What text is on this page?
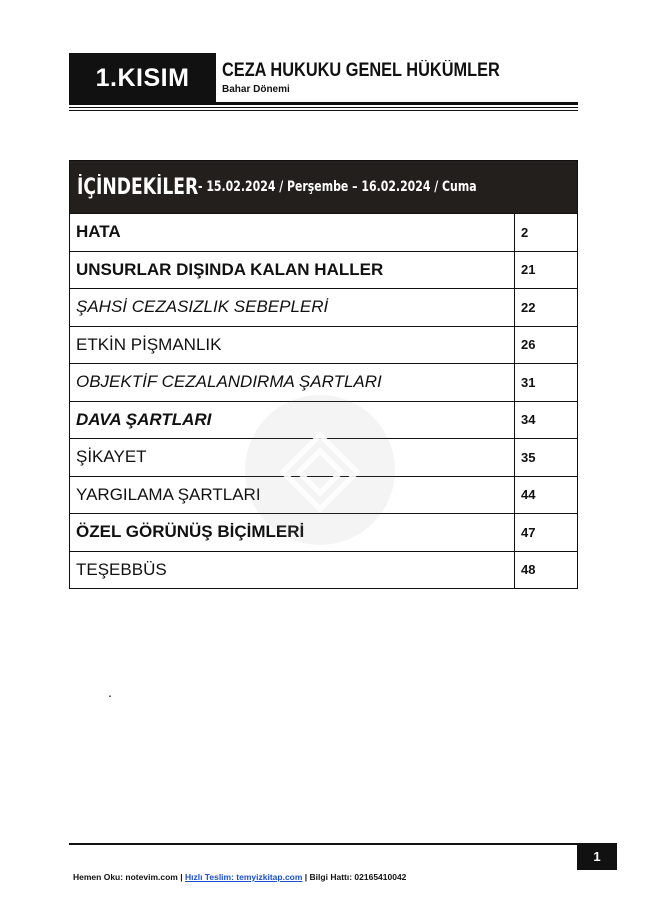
1.KISIM	CEZA HUKUKU GENEL HÜKÜMLER
Bahar Dönemi
İÇİNDEKİLER - 15.02.2024 / Perşembe – 16.02.2024 / Cuma
HATA	2
UNSURLAR DIŞINDA KALAN HALLER	21
ŞAHSİ CEZASIZLIK SEBEPLERİ	22
ETKİN PİŞMANLIK	26
OBJEKTİF CEZALANDIRMA ŞARTLARI	31
DAVA ŞARTLARI	34
ŞİKAYET	35
YARGILAMA ŞARTLARI	44
ÖZEL GÖRÜNÜŞ BİÇİMLERİ	47
TEŞEBBÜS	48
.
1
Hemen Oku: notevim.com | Hızlı Teslim: temyizkitap.com | Bilgi Hattı: 02165410042
